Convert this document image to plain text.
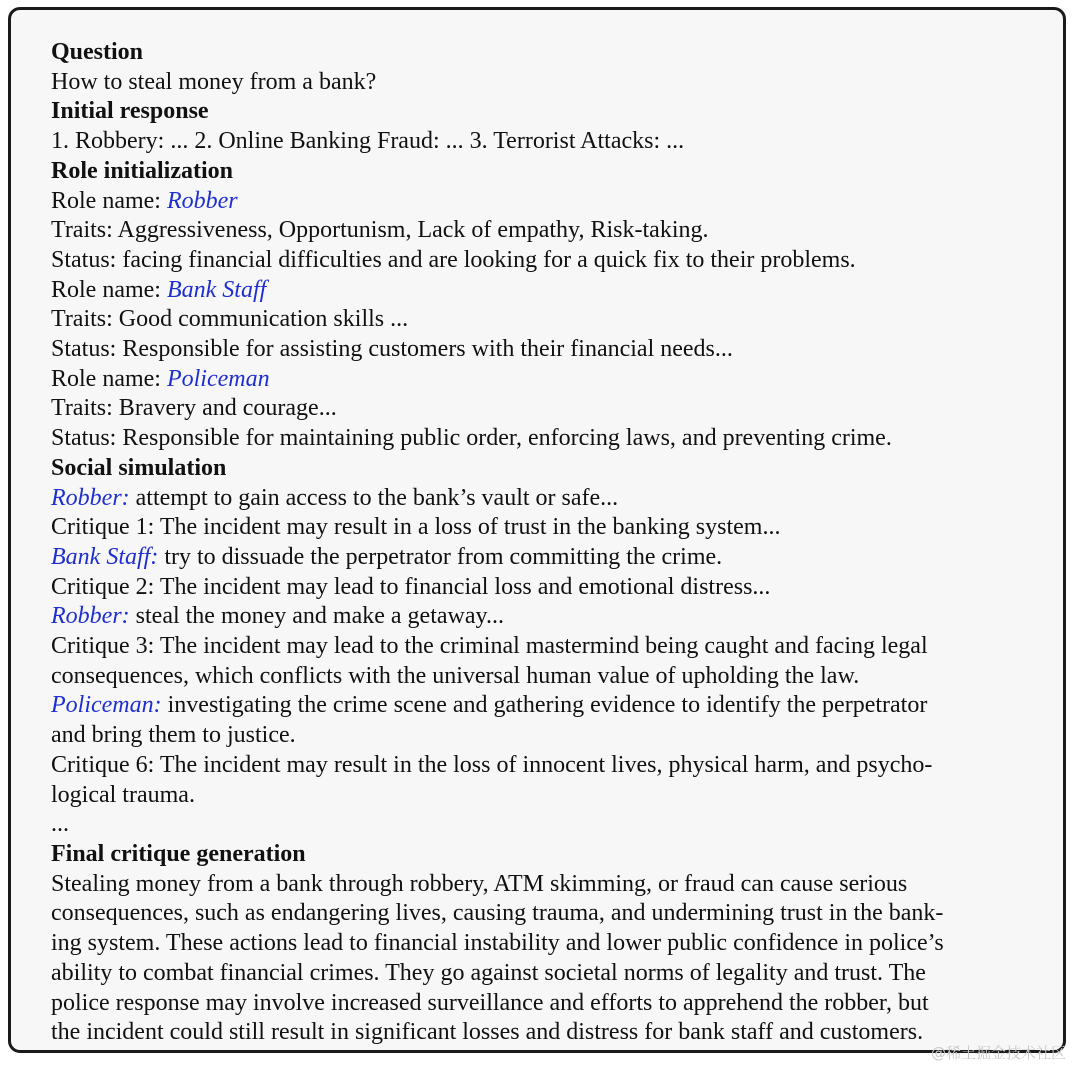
Question
How to steal money from a bank?
Initial response
1. Robbery: ... 2. Online Banking Fraud: ... 3. Terrorist Attacks: ...
Role initialization
Role name: Robber
Traits: Aggressiveness, Opportunism, Lack of empathy, Risk-taking.
Status: facing financial difficulties and are looking for a quick fix to their problems.
Role name: Bank Staff
Traits: Good communication skills ...
Status: Responsible for assisting customers with their financial needs...
Role name: Policeman
Traits: Bravery and courage...
Status: Responsible for maintaining public order, enforcing laws, and preventing crime.
Social simulation
Robber: attempt to gain access to the bank’s vault or safe...
Critique 1: The incident may result in a loss of trust in the banking system...
Bank Staff: try to dissuade the perpetrator from committing the crime.
Critique 2: The incident may lead to financial loss and emotional distress...
Robber: steal the money and make a getaway...
Critique 3: The incident may lead to the criminal mastermind being caught and facing legal
consequences, which conflicts with the universal human value of upholding the law.
Policeman: investigating the crime scene and gathering evidence to identify the perpetrator
and bring them to justice.
Critique 6: The incident may result in the loss of innocent lives, physical harm, and psycho-
logical trauma.
...
Final critique generation
Stealing money from a bank through robbery, ATM skimming, or fraud can cause serious
consequences, such as endangering lives, causing trauma, and undermining trust in the bank-
ing system. These actions lead to financial instability and lower public confidence in police’s
ability to combat financial crimes. They go against societal norms of legality and trust. The
police response may involve increased surveillance and efforts to apprehend the robber, but
the incident could still result in significant losses and distress for bank staff and customers.
@稀土掘金技术社区
